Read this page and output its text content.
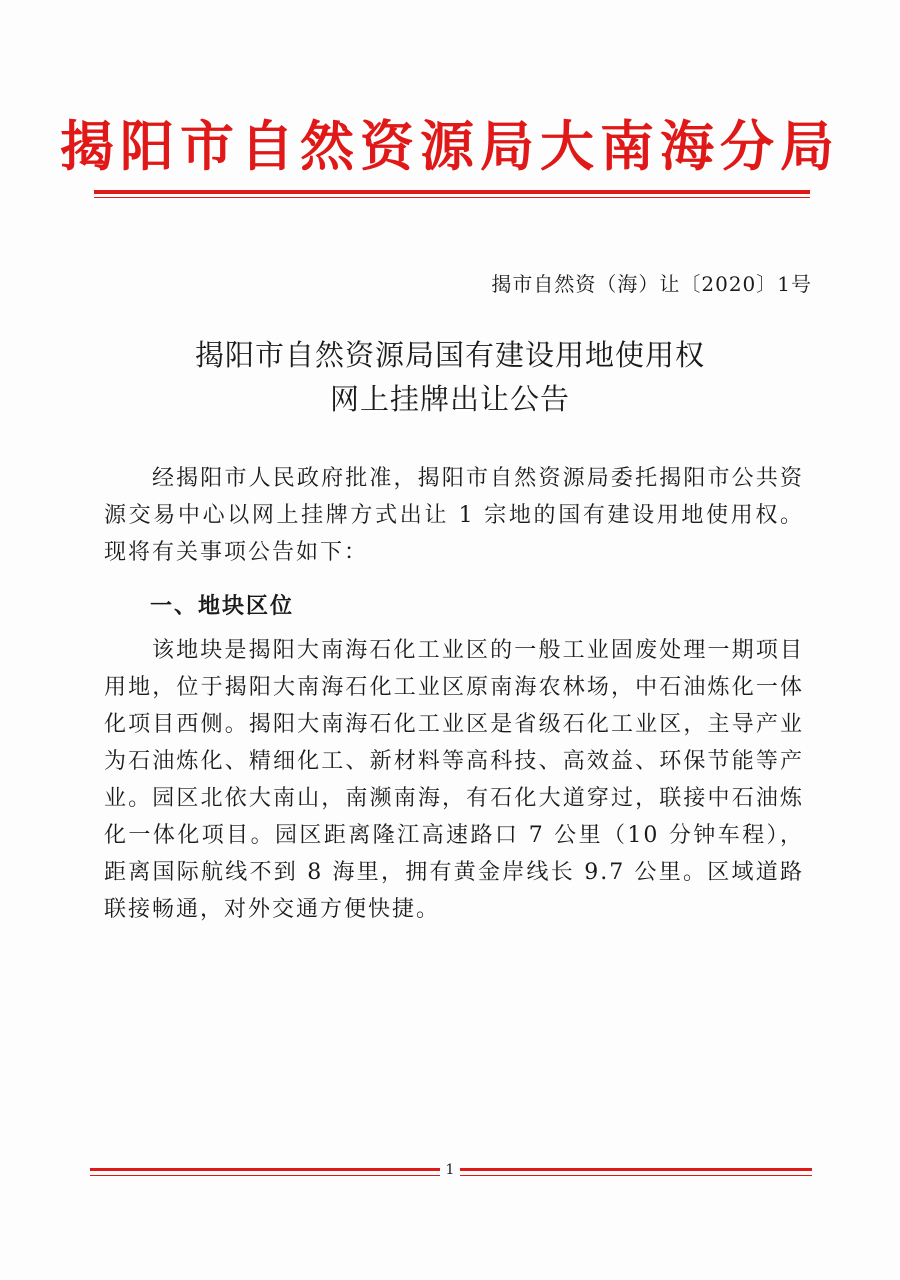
揭阳市自然资源局大南海分局
揭市自然资（海）让〔2020〕1号
揭阳市自然资源局国有建设用地使用权
网上挂牌出让公告
经揭阳市人民政府批准，揭阳市自然资源局委托揭阳市公共资源交易中心以网上挂牌方式出让 1 宗地的国有建设用地使用权。现将有关事项公告如下：
一、地块区位
该地块是揭阳大南海石化工业区的一般工业固废处理一期项目用地，位于揭阳大南海石化工业区原南海农林场，中石油炼化一体化项目西侧。揭阳大南海石化工业区是省级石化工业区，主导产业为石油炼化、精细化工、新材料等高科技、高效益、环保节能等产业。园区北依大南山，南濒南海，有石化大道穿过，联接中石油炼化一体化项目。园区距离隆江高速路口 7 公里（10 分钟车程），距离国际航线不到 8 海里，拥有黄金岸线长 9.7 公里。区域道路联接畅通，对外交通方便快捷。
1
